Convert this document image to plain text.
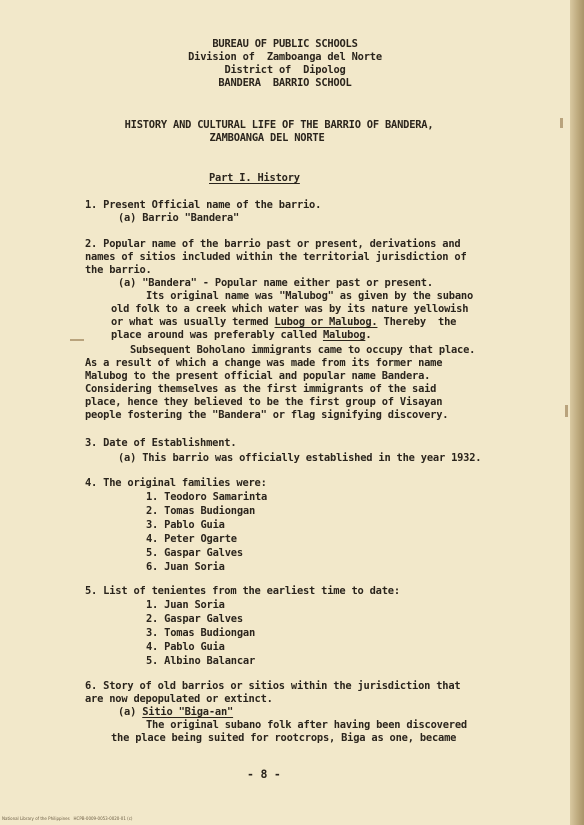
BUREAU OF PUBLIC SCHOOLS
Division of  Zamboanga del Norte
District of  Dipolog
BANDERA  BARRIO SCHOOL
HISTORY AND CULTURAL LIFE OF THE BARRIO OF BANDERA,
ZAMBOANGA DEL NORTE
Part I. History
1. Present Official name of the barrio.
(a) Barrio "Bandera"
2. Popular name of the barrio past or present, derivations and
names of sitios included within the territorial jurisdiction of
the barrio.
(a) "Bandera" - Popular name either past or present.
Its original name was "Malubog" as given by the subano
old folk to a creek which water was by its nature yellowish
or what was usually termed Lubog or Malubog. Thereby  the
place around was preferably called Malubog.
Subsequent Boholano immigrants came to occupy that place.
As a result of which a change was made from its former name
Malubog to the present official and popular name Bandera.
Considering themselves as the first immigrants of the said
place, hence they believed to be the first group of Visayan
people fostering the "Bandera" or flag signifying discovery.
3. Date of Establishment.
(a) This barrio was officially established in the year 1932.
4. The original families were:
1. Teodoro Samarinta
2. Tomas Budiongan
3. Pablo Guia
4. Peter Ogarte
5. Gaspar Galves
6. Juan Soria
5. List of tenientes from the earliest time to date:
1. Juan Soria
2. Gaspar Galves
3. Tomas Budiongan
4. Pablo Guia
5. Albino Balancar
6. Story of old barrios or sitios within the jurisdiction that
are now depopulated or extinct.
(a) Sitio "Biga-an"
The original subano folk after having been discovered
the place being suited for rootcrops, Biga as one, became
- 8 -
National Library of the Philippines   HCPB-0009-0053-0020-01 (c)
